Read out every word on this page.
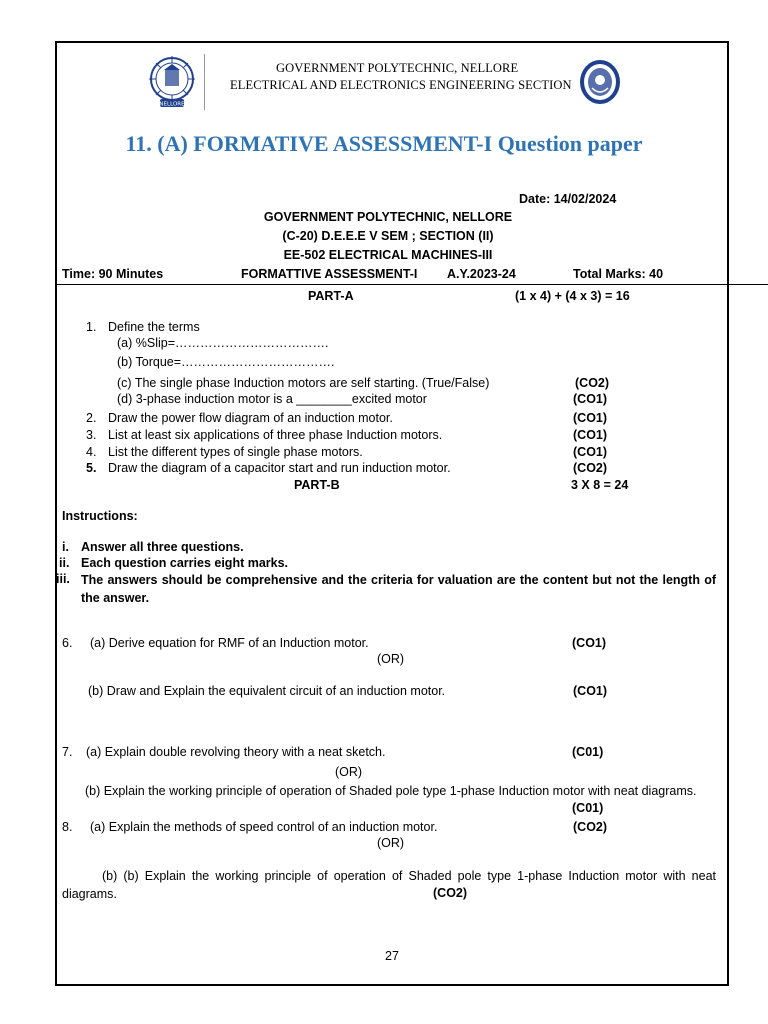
NELLORE
GOVERNMENT POLYTECHNIC, NELLORE
ELECTRICAL AND ELECTRONICS ENGINEERING SECTION
11. (A) FORMATIVE ASSESSMENT-I Question paper
Date: 14/02/2024
GOVERNMENT POLYTECHNIC, NELLORE
(C-20) D.E.E.E V SEM ; SECTION (II)
EE-502 ELECTRICAL MACHINES-III
Time: 90 Minutes	FORMATTIVE ASSESSMENT-I A.Y.2023-24	Total Marks: 40
PART-A	(1 x 4) + (4 x 3) = 16
1. Define the terms
(a) %Slip=……………………………….
(b) Torque=……………………………….
(c) The single phase Induction motors are self starting. (True/False)	(CO2)
(d) 3-phase induction motor is a ________excited motor	(CO1)
2. Draw the power flow diagram of an induction motor.	(CO1)
3. List at least six applications of three phase Induction motors.	(CO1)
4. List the different types of single phase motors.	(CO1)
5. Draw the diagram of a capacitor start and run induction motor.	(CO2)
PART-B	3 X 8 = 24
Instructions:
i. Answer all three questions.
ii. Each question carries eight marks.
iii. The answers should be comprehensive and the criteria for valuation are the content but not the length of the answer.
6. (a) Derive equation for RMF of an Induction motor.	(CO1)
(OR)
(b) Draw and Explain the equivalent circuit of an induction motor.	(CO1)
7. (a) Explain double revolving theory with a neat sketch.	(C01)
(OR)
(b) Explain the working principle of operation of Shaded pole type 1-phase Induction motor with neat diagrams.
(C01)
8. (a) Explain the methods of speed control of an induction motor.	(CO2)
(OR)
(b) (b) Explain the working principle of operation of Shaded pole type 1-phase Induction motor with neat diagrams.	(CO2)
27
